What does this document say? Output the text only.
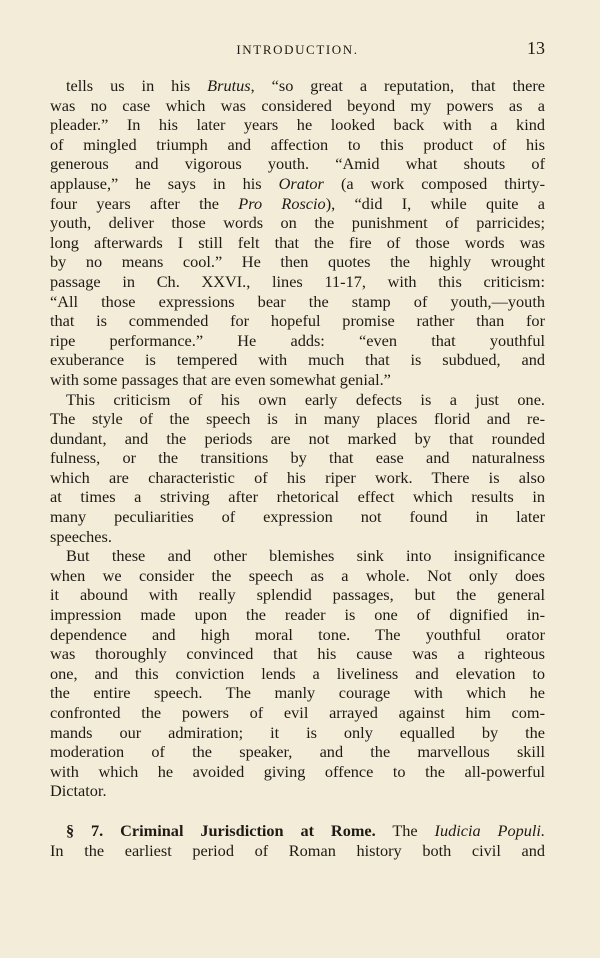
INTRODUCTION.	13
tells us in his Brutus, “so great a reputation, that there
was no case which was considered beyond my powers as a
pleader.” In his later years he looked back with a kind
of mingled triumph and affection to this product of his
generous and vigorous youth. “Amid what shouts of
applause,” he says in his Orator (a work composed thirty-
four years after the Pro Roscio), “did I, while quite a
youth, deliver those words on the punishment of parricides;
long afterwards I still felt that the fire of those words was
by no means cool.” He then quotes the highly wrought
passage in Ch. XXVI., lines 11-17, with this criticism:
“All those expressions bear the stamp of youth,—youth
that is commended for hopeful promise rather than for
ripe performance.” He adds: “even that youthful
exuberance is tempered with much that is subdued, and
with some passages that are even somewhat genial.”
This criticism of his own early defects is a just one.
The style of the speech is in many places florid and re-
dundant, and the periods are not marked by that rounded
fulness, or the transitions by that ease and naturalness
which are characteristic of his riper work. There is also
at times a striving after rhetorical effect which results in
many peculiarities of expression not found in later
speeches.
But these and other blemishes sink into insignificance
when we consider the speech as a whole. Not only does
it abound with really splendid passages, but the general
impression made upon the reader is one of dignified in-
dependence and high moral tone. The youthful orator
was thoroughly convinced that his cause was a righteous
one, and this conviction lends a liveliness and elevation to
the entire speech. The manly courage with which he
confronted the powers of evil arrayed against him com-
mands our admiration; it is only equalled by the
moderation of the speaker, and the marvellous skill
with which he avoided giving offence to the all-powerful
Dictator.
§ 7. Criminal Jurisdiction at Rome. The Iudicia Populi.
In the earliest period of Roman history both civil and
